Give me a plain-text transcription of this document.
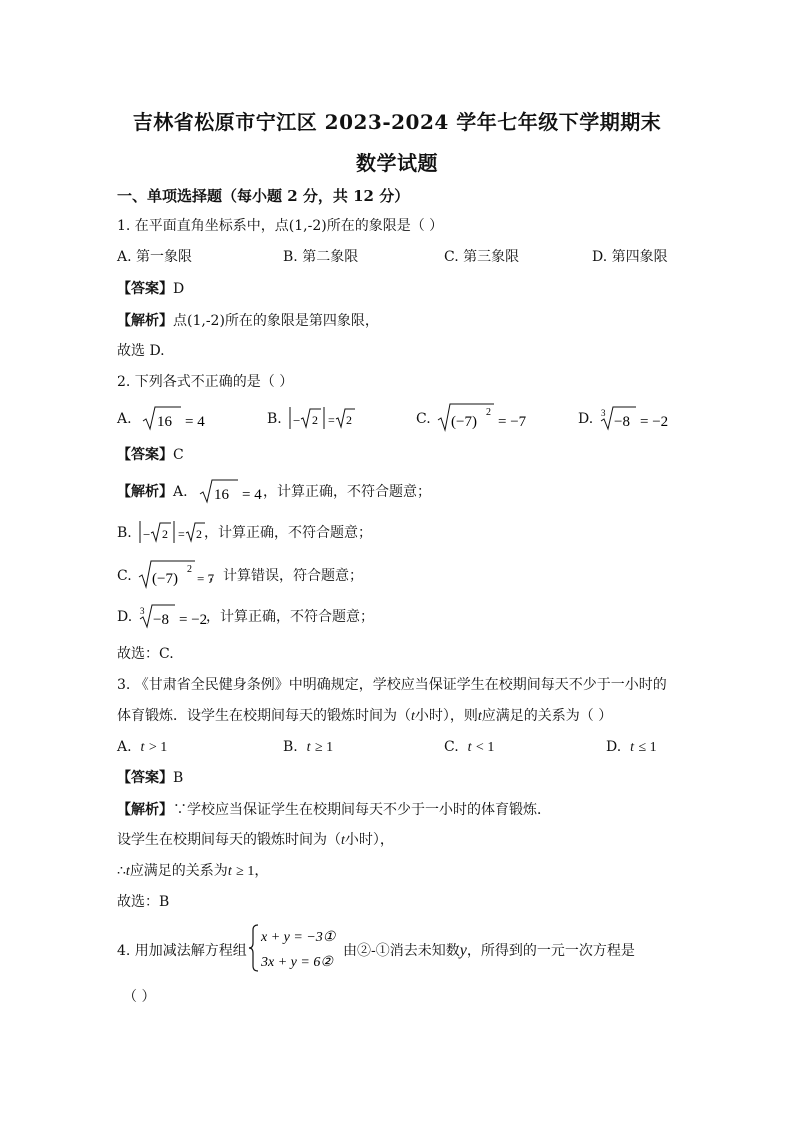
吉林省松原市宁江区 2023-2024 学年七年级下学期期末
数学试题
一、单项选择题（每小题 2 分，共 12 分）
1. 在平面直角坐标系中，点(1,-2)所在的象限是（ ）
A. 第一象限	B. 第二象限	C. 第三象限	D. 第四象限
【答案】D
【解析】点(1,-2)所在的象限是第四象限，
故选 D.
2. 下列各式不正确的是（ ）
A. 16 = 4	B. − 2 = 2	C. (−7)
2
= −7	D. 3
−8 = −2
【答案】C
【解析】A. 16 = 4 ，计算正确，不符合题意；
B. − 2 = 2 ，计算正确，不符合题意；
C. (−7)
2
= 7
，计算错误，符合题意；
D. 3
−8 = −2
，计算正确，不符合题意；
故选：C.
3. 《甘肃省全民健身条例》中明确规定，学校应当保证学生在校期间每天不少于一小时的
体育锻炼．设学生在校期间每天的锻炼时间为（t小时），则t应满足的关系为（ ）
A. t > 1	B. t ≥ 1	C. t < 1	D. t ≤ 1
【答案】B
【解析】∵学校应当保证学生在校期间每天不少于一小时的体育锻炼．
设学生在校期间每天的锻炼时间为（t小时），
∴t应满足的关系为t ≥ 1，
故选：B
4. 用加减法解方程组
x + y = −3①
3x + y = 6②
由②-①消去未知数y，所得到的一元一次方程是
（ ）
